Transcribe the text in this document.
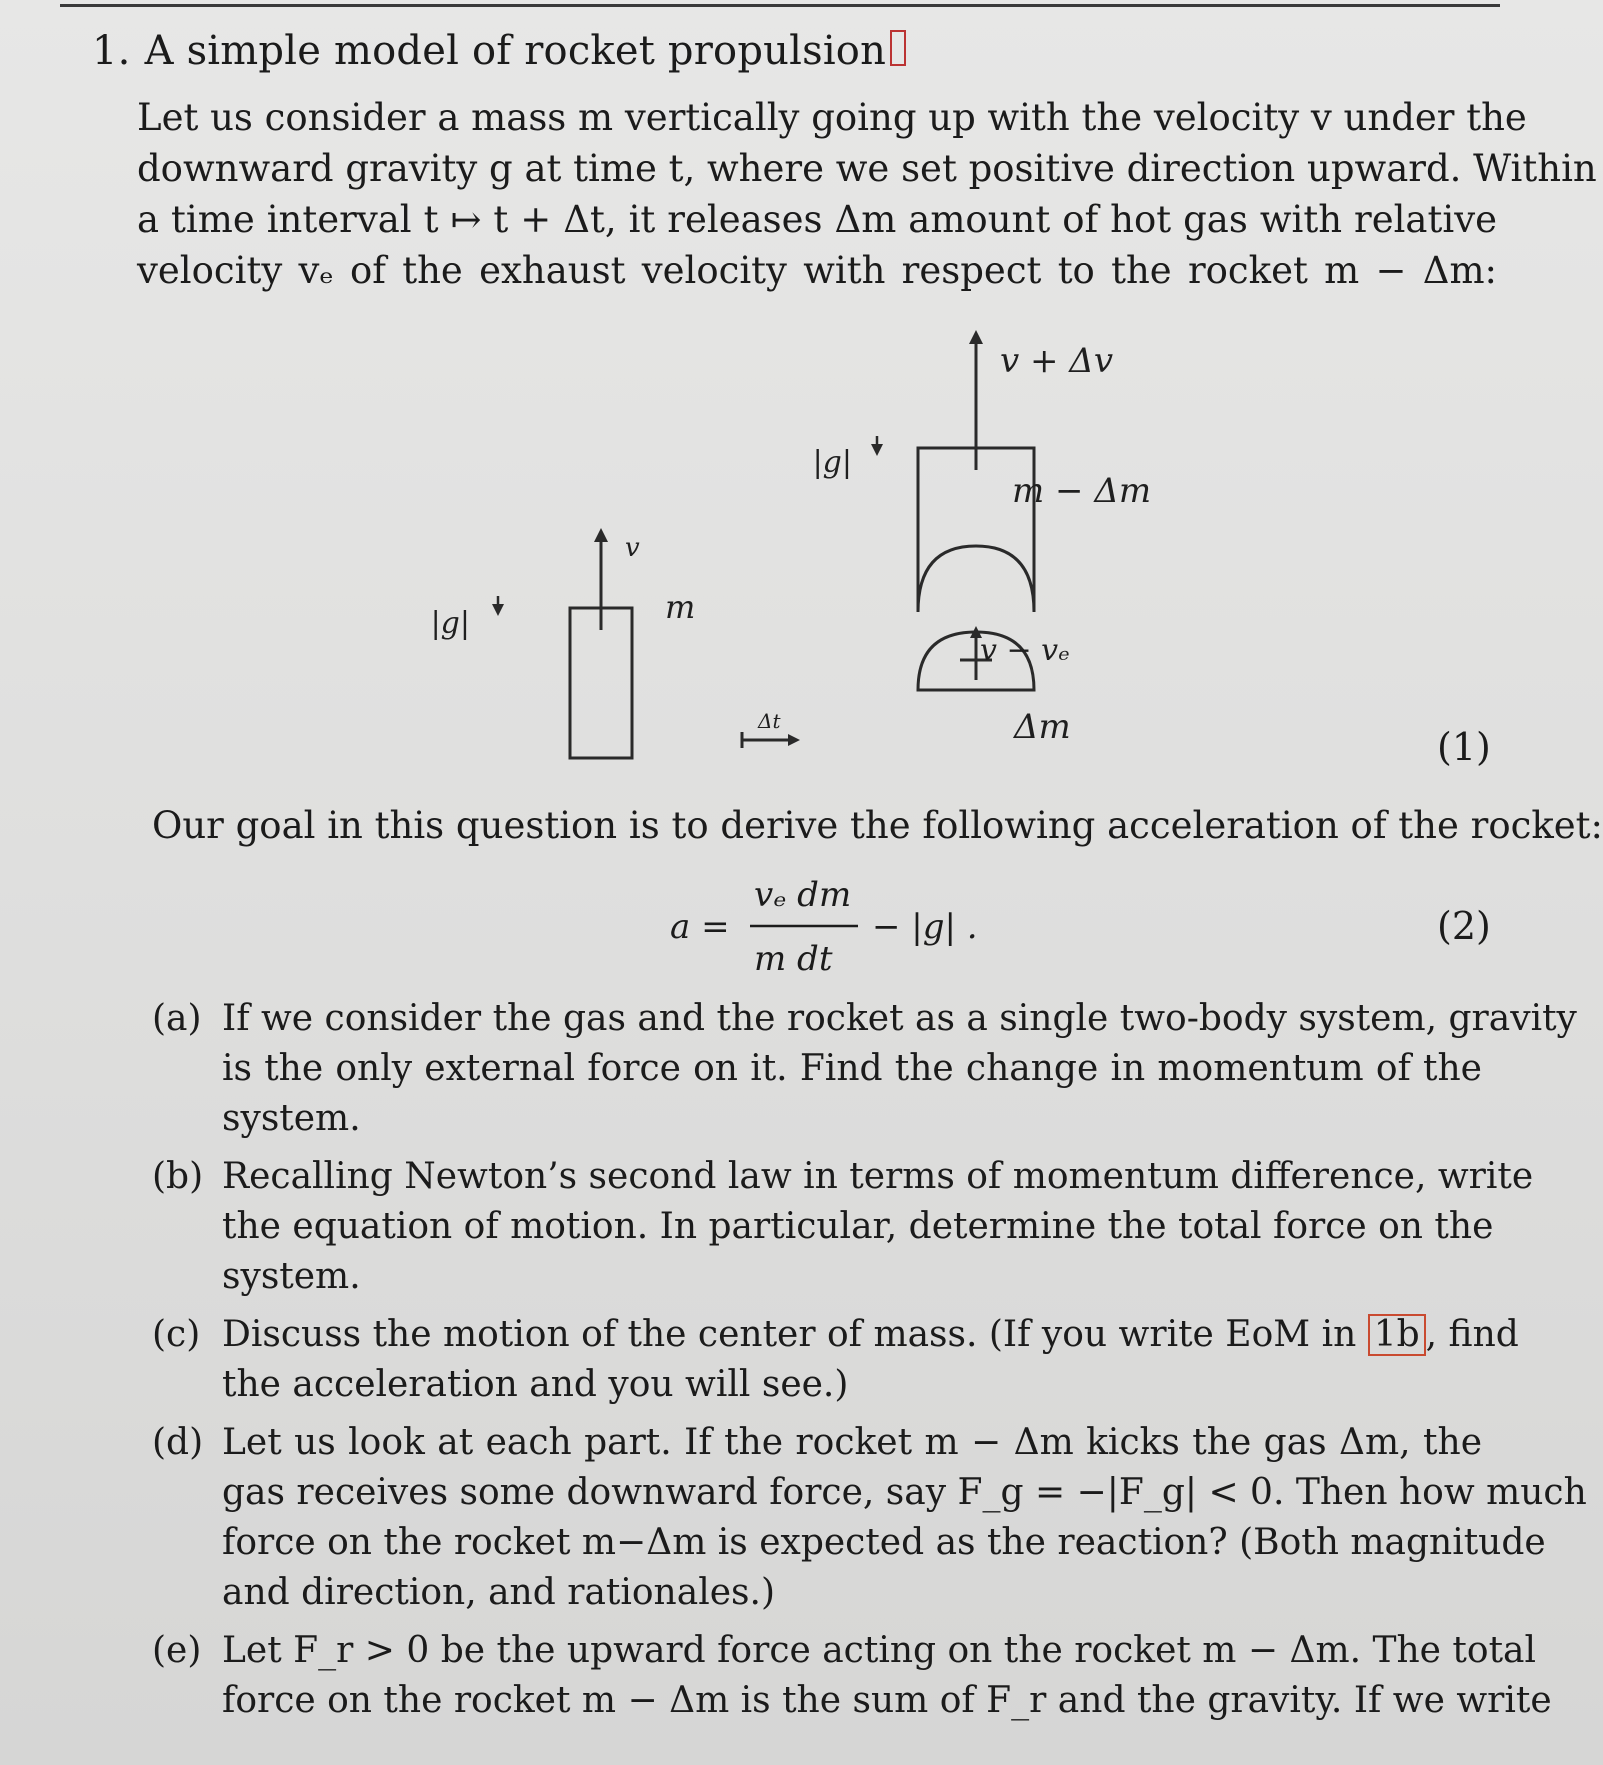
1. A simple model of rocket propulsion
Let us consider a mass m vertically going up with the velocity v under the
downward gravity g at time t, where we set positive direction upward. Within
a time interval t ↦ t + Δt, it releases Δm amount of hot gas with relative
velocity vₑ of the exhaust velocity with respect to the rocket m − Δm:
|g|
v
m
Δt
|g|
v + Δv
m − Δm
v − vₑ
Δm	(1)
Our goal in this question is to derive the following acceleration of the rocket:
a =
vₑ dm
m dt
− |g| .	(2)
(a) If we consider the gas and the rocket as a single two-body system, gravity
is the only external force on it. Find the change in momentum of the
system.
(b) Recalling Newton’s second law in terms of momentum difference, write
the equation of motion. In particular, determine the total force on the
system.
(c) Discuss the motion of the center of mass. (If you write EoM in 1b , find
the acceleration and you will see.)
(d) Let us look at each part. If the rocket m − Δm kicks the gas Δm, the
gas receives some downward force, say F_g = −|F_g| < 0. Then how much
force on the rocket m−Δm is expected as the reaction? (Both magnitude
and direction, and rationales.)
(e) Let F_r > 0 be the upward force acting on the rocket m − Δm. The total
force on the rocket m − Δm is the sum of F_r and the gravity. If we write
